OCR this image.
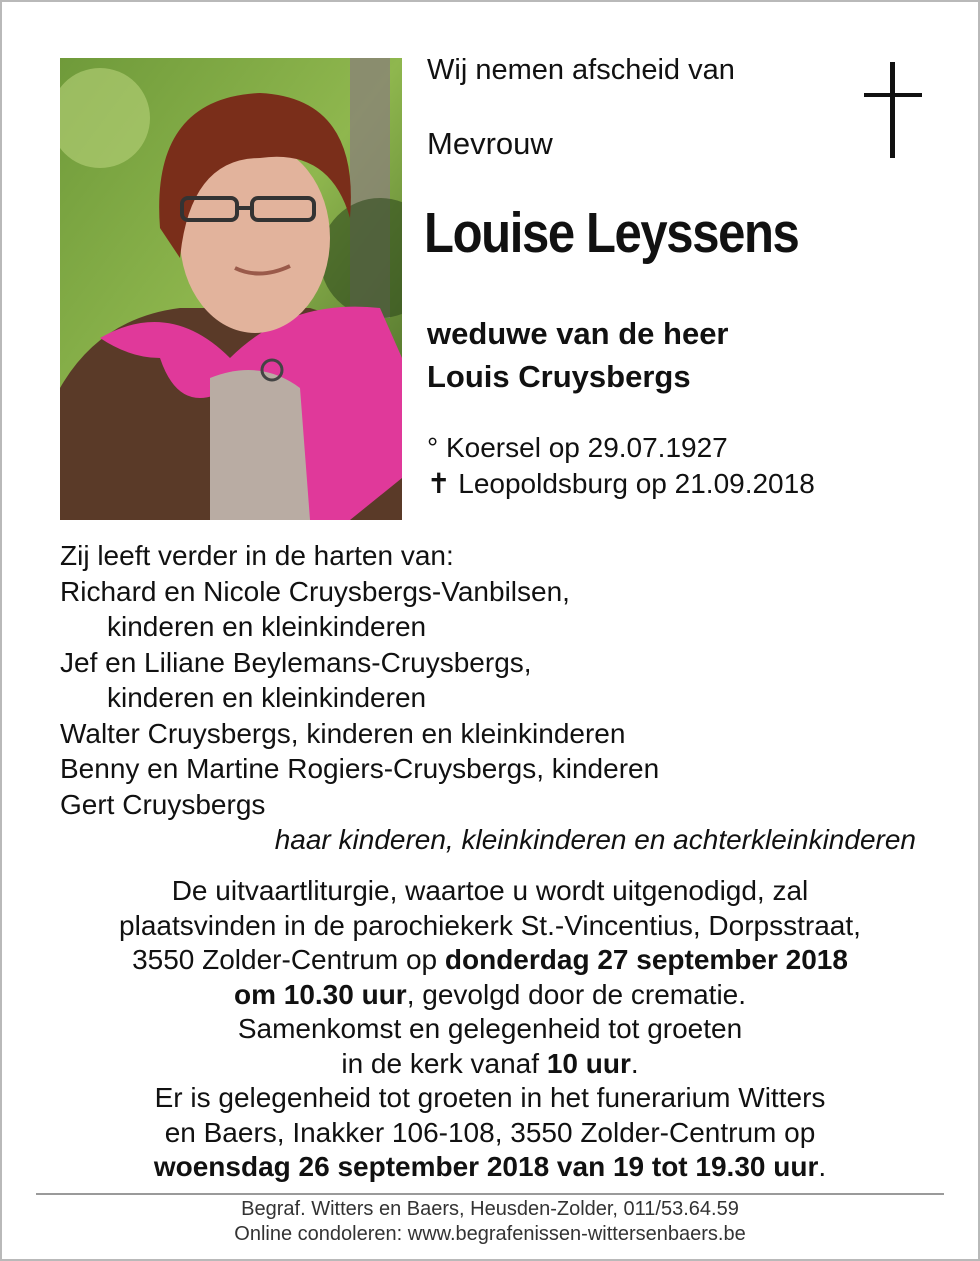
Wij nemen afscheid van
Mevrouw
Louise Leyssens
weduwe van de heer
Louis Cruysbergs
° Koersel op 29.07.1927
✝ Leopoldsburg op 21.09.2018
Zij leeft verder in de harten van:
Richard en Nicole Cruysbergs-Vanbilsen,
kinderen en kleinkinderen
Jef en Liliane Beylemans-Cruysbergs,
kinderen en kleinkinderen
Walter Cruysbergs, kinderen en kleinkinderen
Benny en Martine Rogiers-Cruysbergs, kinderen
Gert Cruysbergs
haar kinderen, kleinkinderen en achterkleinkinderen
De uitvaartliturgie, waartoe u wordt uitgenodigd, zal
plaatsvinden in de parochiekerk St.-Vincentius, Dorpsstraat,
3550 Zolder-Centrum op donderdag 27 september 2018
om 10.30 uur, gevolgd door de crematie.
Samenkomst en gelegenheid tot groeten
in de kerk vanaf 10 uur.
Er is gelegenheid tot groeten in het funerarium Witters
en Baers, Inakker 106-108, 3550 Zolder-Centrum op
woensdag 26 september 2018 van 19 tot 19.30 uur.
Begraf. Witters en Baers, Heusden-Zolder, 011/53.64.59
Online condoleren: www.begrafenissen-wittersenbaers.be
